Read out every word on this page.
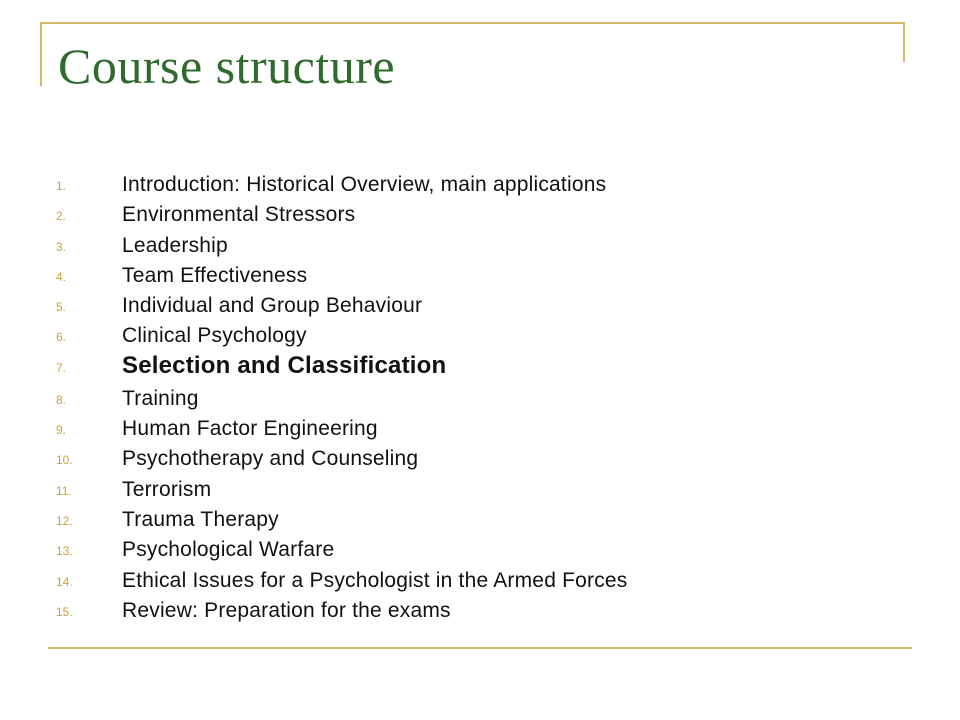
Course structure
1.	Introduction: Historical Overview, main applications
2.	Environmental Stressors
3.	Leadership
4.	Team Effectiveness
5.	Individual and Group Behaviour
6.	Clinical Psychology
7. Selection and Classification
8.	Training
9.	Human Factor Engineering
10. Psychotherapy and Counseling
11. Terrorism
12. Trauma Therapy
13. Psychological Warfare
14. Ethical Issues for a Psychologist in the Armed Forces
15. Review: Preparation for the exams
